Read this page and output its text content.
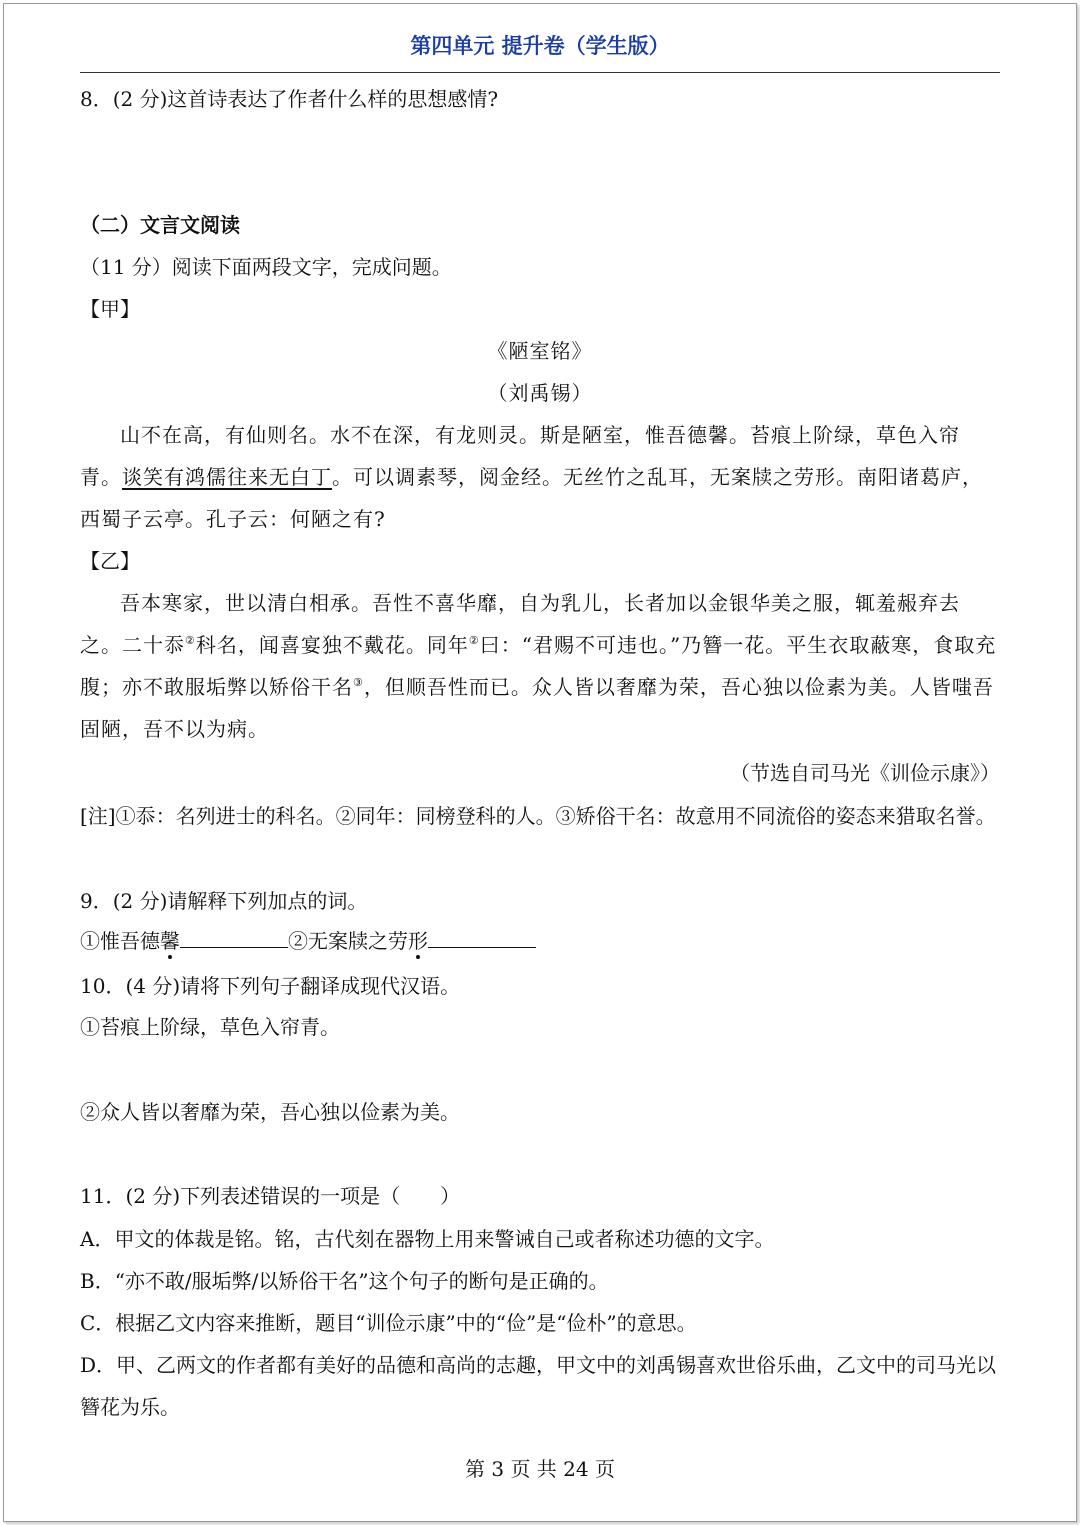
第四单元 提升卷（学生版）

8．(2 分)这首诗表达了作者什么样的思想感情?

（二）文言文阅读

（11 分）阅读下面两段文字，完成问题。

【甲】

《陋室铭》

（刘禹锡）

山不在高，有仙则名。水不在深，有龙则灵。斯是陋室，惟吾德馨。苔痕上阶绿，草色入帘青。谈笑有鸿儒往来无白丁。可以调素琴，阅金经。无丝竹之乱耳，无案牍之劳形。南阳诸葛庐，西蜀子云亭。孔子云：何陋之有?

【乙】

吾本寒家，世以清白相承。吾性不喜华靡，自为乳儿，长者加以金银华美之服，辄羞赧弃去之。二十忝②科名，闻喜宴独不戴花。同年②曰：“君赐不可违也。”乃簪一花。平生衣取蔽寒，食取充腹；亦不敢服垢弊以矫俗干名③，但顺吾性而已。众人皆以奢靡为荣，吾心独以俭素为美。人皆嗤吾固陋，吾不以为病。

（节选自司马光《训俭示康》）

[注]①忝：名列进士的科名。②同年：同榜登科的人。③矫俗干名：故意用不同流俗的姿态来猎取名誉。

9．(2 分)请解释下列加点的词。

①惟吾德馨	②无案牍之劳形

10．(4 分)请将下列句子翻译成现代汉语。

①苔痕上阶绿，草色入帘青。

②众人皆以奢靡为荣，吾心独以俭素为美。

11．(2 分)下列表述错误的一项是（　　）

A．甲文的体裁是铭。铭，古代刻在器物上用来警诫自己或者称述功德的文字。

B．“亦不敢/服垢弊/以矫俗干名”这个句子的断句是正确的。

C．根据乙文内容来推断，题目“训俭示康”中的“俭”是“俭朴”的意思。

D．甲、乙两文的作者都有美好的品德和高尚的志趣，甲文中的刘禹锡喜欢世俗乐曲，乙文中的司马光以簪花为乐。

第 3 页 共 24 页
